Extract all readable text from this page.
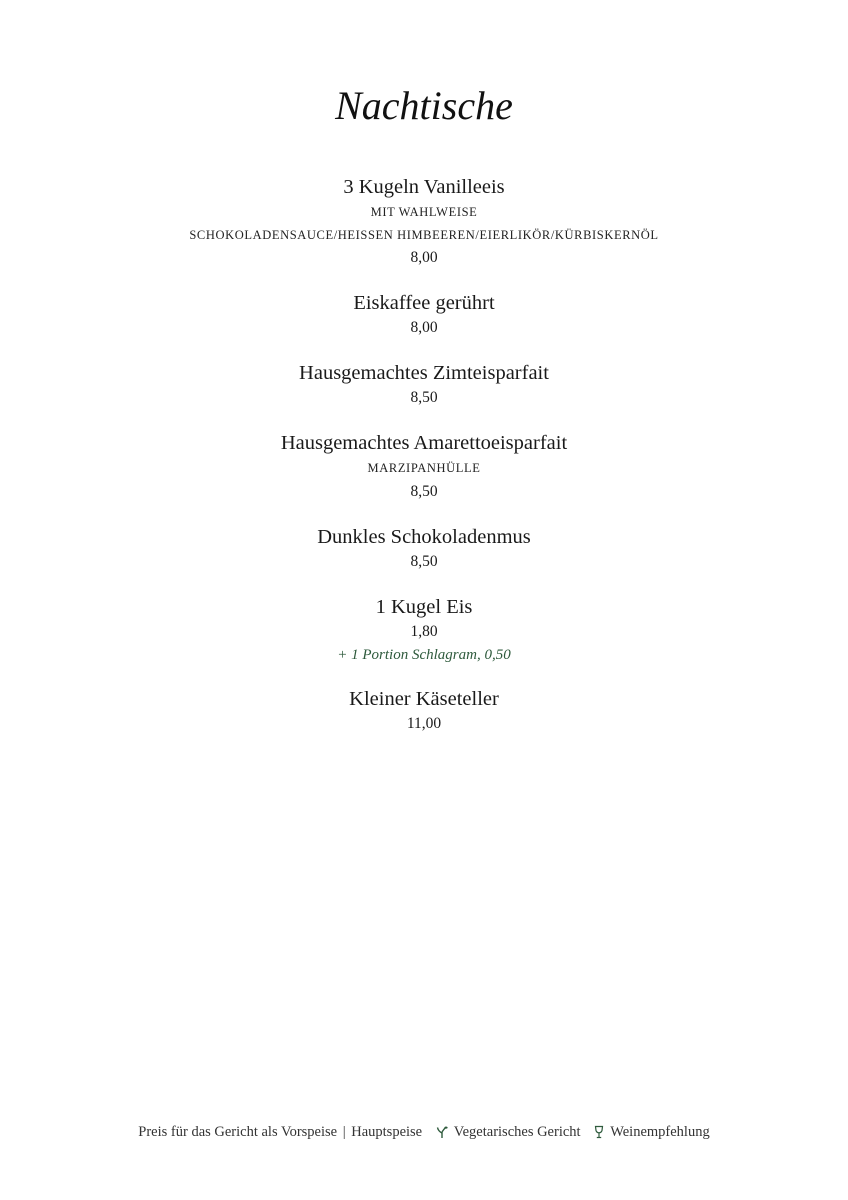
Nachtische
3 Kugeln Vanilleeis
MIT WAHLWEISE
SCHOKOLADENSAUCE/HEISSEN HIMBEEREN/EIERLIKÖR/KÜRBISKERNÖL
8,00
Eiskaffee gerührt
8,00
Hausgemachtes Zimteisparfait
8,50
Hausgemachtes Amarettoeisparfait
MARZIPANHÜLLE
8,50
Dunkles Schokoladenmus
8,50
1 Kugel Eis
1,80
+ 1 Portion Schlagram, 0,50
Kleiner Käseteller
11,00
Preis für das Gericht als Vorspeise | Hauptspeise Vegetarisches Gericht Weinempfehlung
